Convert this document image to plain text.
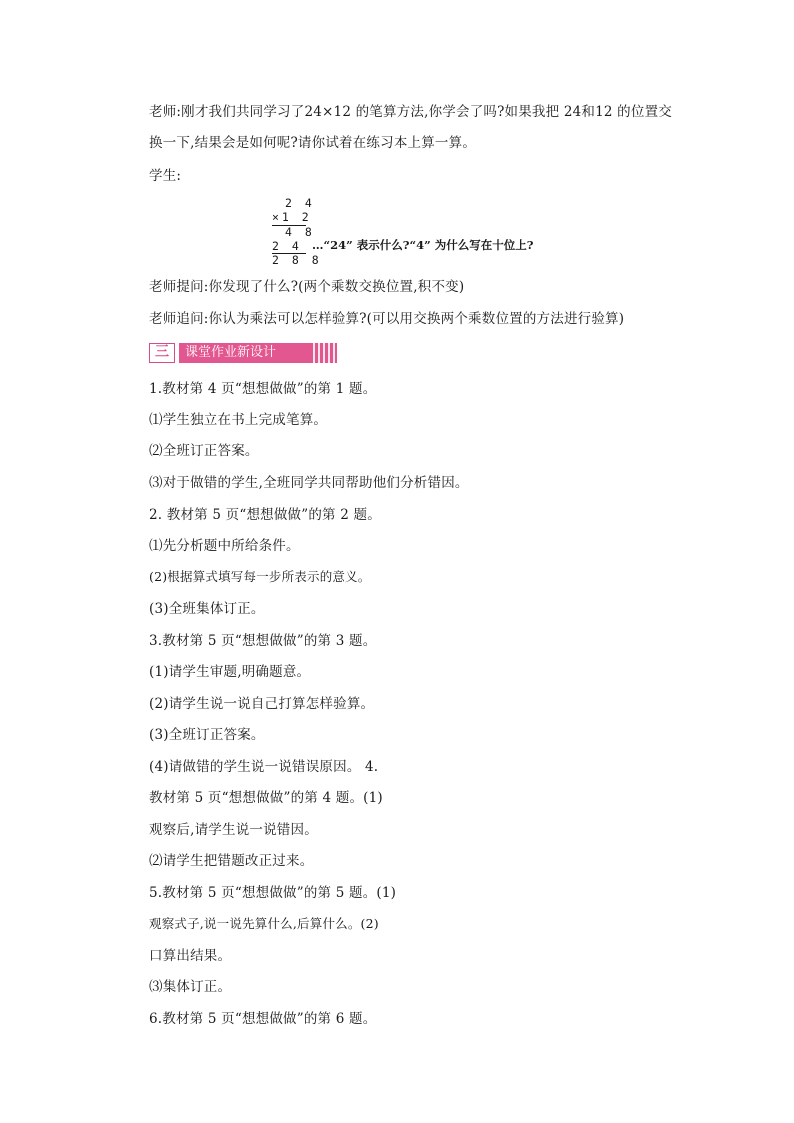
老师:刚才我们共同学习了24×12 的笔算方法,你学会了吗?如果我把 24和12 的位置交

换一下,结果会是如何呢?请你试着在练习本上算一算。

学生:

2 4
×1 2
4 8
2 4
2 8 8
…“24” 表示什么?“4” 为什么写在十位上?

老师提问:你发现了什么?(两个乘数交换位置,积不变)

老师追问:你认为乘法可以怎样验算?(可以用交换两个乘数位置的方法进行验算)

三	课堂作业新设计

1.教材第 4 页“想想做做”的第 1 题。

⑴学生独立在书上完成笔算。

⑵全班订正答案。

⑶对于做错的学生,全班同学共同帮助他们分析错因。

2. 教材第 5 页“想想做做”的第 2 题。

⑴先分析题中所给条件。

(2)根据算式填写每一步所表示的意义。

(3)全班集体订正。

3.教材第 5 页“想想做做”的第 3 题。

(1)请学生审题,明确题意。

(2)请学生说一说自己打算怎样验算。

(3)全班订正答案。

(4)请做错的学生说一说错误原因。 4.

教材第 5 页“想想做做”的第 4 题。(1)

观察后,请学生说一说错因。

⑵请学生把错题改正过来。

5.教材第 5 页“想想做做”的第 5 题。(1)

观察式子,说一说先算什么,后算什么。(2)

口算出结果。

⑶集体订正。

6.教材第 5 页“想想做做”的第 6 题。
